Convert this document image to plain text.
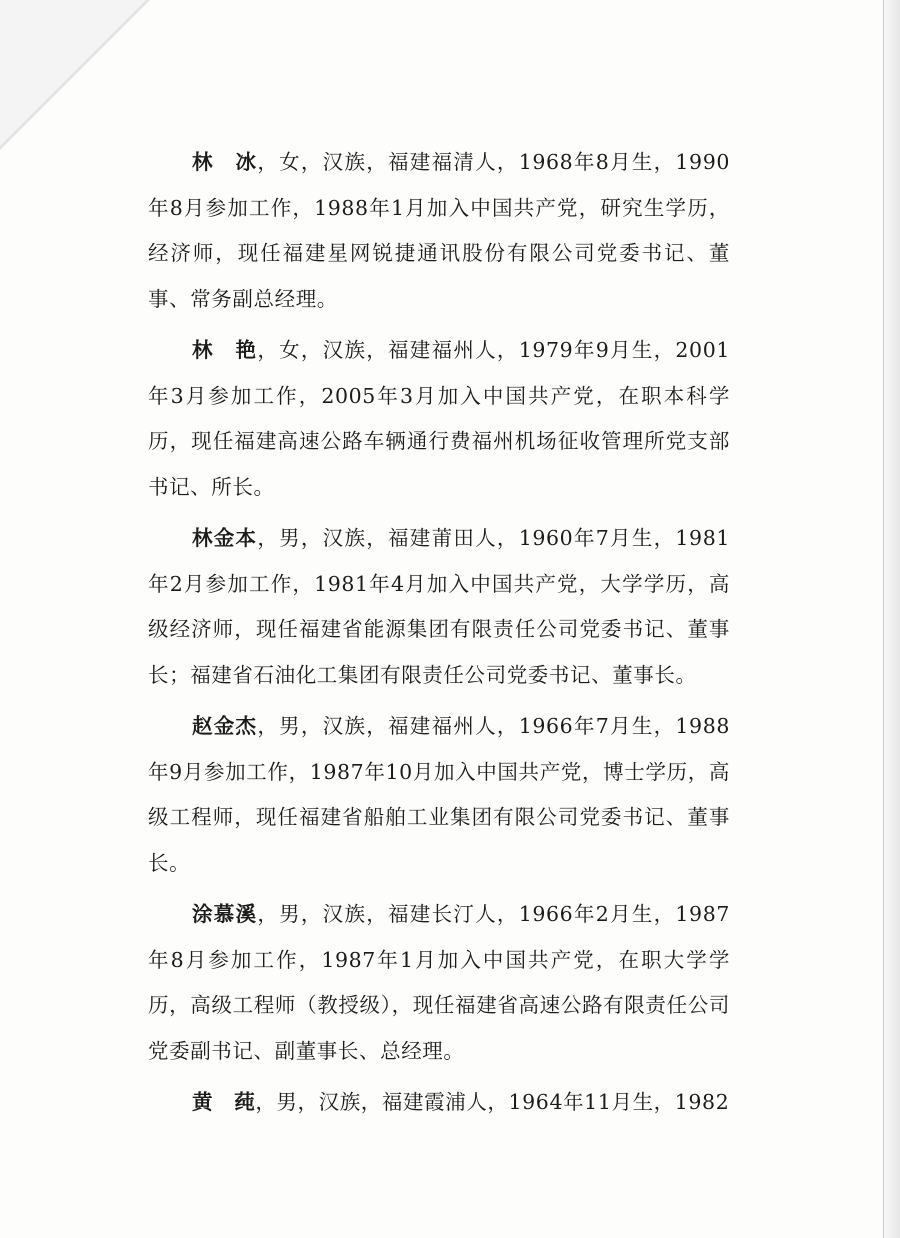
林　冰，女，汉族，福建福清人，1968年8月生，1990年8月参加工作，1988年1月加入中国共产党，研究生学历，经济师，现任福建星网锐捷通讯股份有限公司党委书记、董事、常务副总经理。

林　艳，女，汉族，福建福州人，1979年9月生，2001年3月参加工作，2005年3月加入中国共产党，在职本科学历，现任福建高速公路车辆通行费福州机场征收管理所党支部书记、所长。

林金本，男，汉族，福建莆田人，1960年7月生，1981年2月参加工作，1981年4月加入中国共产党，大学学历，高级经济师，现任福建省能源集团有限责任公司党委书记、董事长；福建省石油化工集团有限责任公司党委书记、董事长。

赵金杰，男，汉族，福建福州人，1966年7月生，1988年9月参加工作，1987年10月加入中国共产党，博士学历，高级工程师，现任福建省船舶工业集团有限公司党委书记、董事长。

涂慕溪，男，汉族，福建长汀人，1966年2月生，1987年8月参加工作，1987年1月加入中国共产党，在职大学学历，高级工程师（教授级），现任福建省高速公路有限责任公司党委副书记、副董事长、总经理。

黄　莼，男，汉族，福建霞浦人，1964年11月生，1982
